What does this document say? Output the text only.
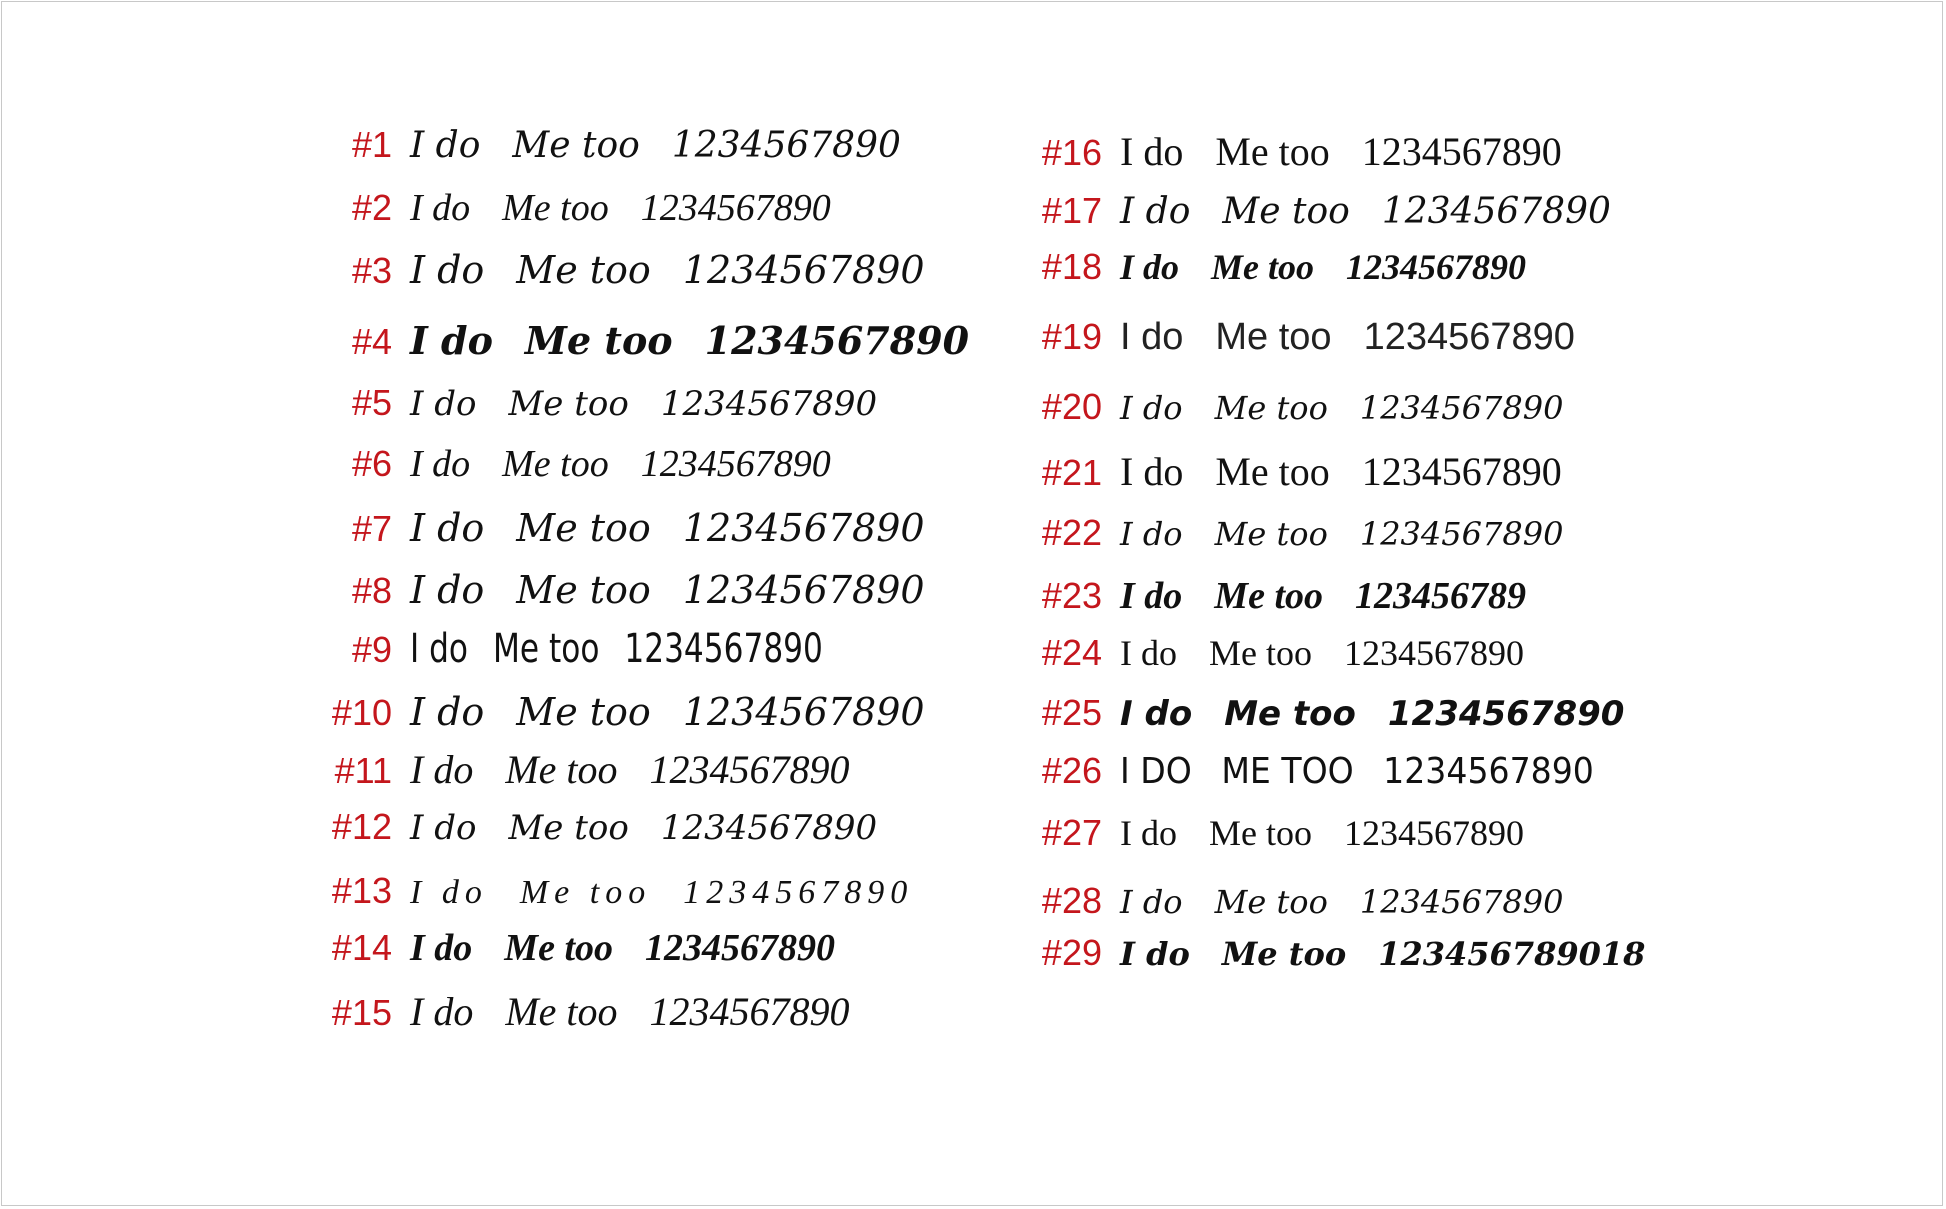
#1 I do Me too 1234567890
#2 I do Me too 1234567890
#3 I do Me too 1234567890
#4 I do Me too 1234567890
#5 I do Me too 1234567890
#6 I do Me too 1234567890
#7 I do Me too 1234567890
#8 I do Me too 1234567890
#9 I do Me too 1234567890
#10 I do Me too 1234567890
#11 I do Me too 1234567890
#12 I do Me too 1234567890
#13 I do Me too 1234567890
#14 I do Me too 1234567890
#15 I do Me too 1234567890
#16 I do Me too 1234567890
#17 I do Me too 1234567890
#18 I do Me too 1234567890
#19 I do Me too 1234567890
#20 I do Me too 1234567890
#21 I do Me too 1234567890
#22 I do Me too 1234567890
#23 I do Me too 123456789
#24 I do Me too 1234567890
#25 I do Me too 1234567890
#26 I DO ME TOO 1234567890
#27 I do Me too 1234567890
#28 I do Me too 1234567890
#29 I do Me too 123456789018
